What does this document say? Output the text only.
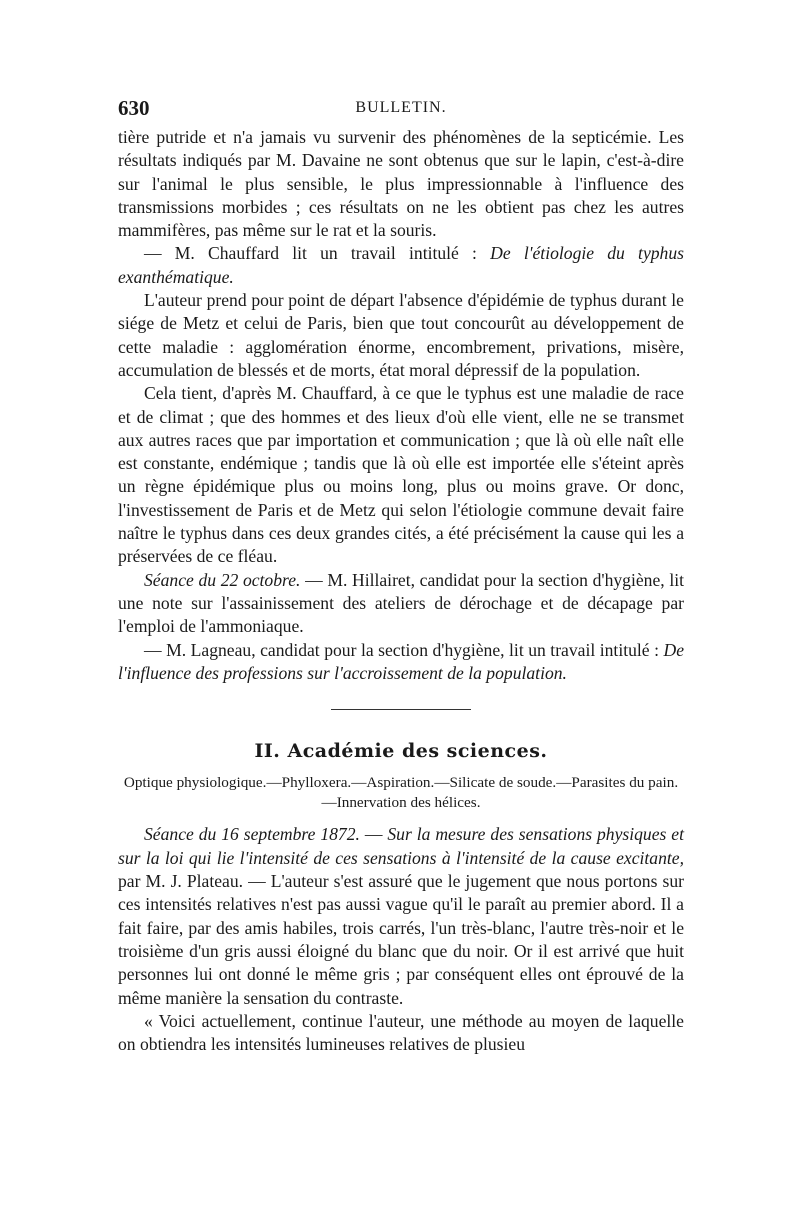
630	BULLETIN.

tière putride et n'a jamais vu survenir des phénomènes de la septicémie. Les résultats indiqués par M. Davaine ne sont obtenus que sur le lapin, c'est-à-dire sur l'animal le plus sensible, le plus impressionnable à l'influence des transmissions morbides ; ces résultats on ne les obtient pas chez les autres mammifères, pas même sur le rat et la souris.

— M. Chauffard lit un travail intitulé : De l'étiologie du typhus exanthématique.

L'auteur prend pour point de départ l'absence d'épidémie de typhus durant le siége de Metz et celui de Paris, bien que tout concourût au développement de cette maladie : agglomération énorme, encombrement, privations, misère, accumulation de blessés et de morts, état moral dépressif de la population.

Cela tient, d'après M. Chauffard, à ce que le typhus est une maladie de race et de climat ; que des hommes et des lieux d'où elle vient, elle ne se transmet aux autres races que par importation et communication ; que là où elle naît elle est constante, endémique ; tandis que là où elle est importée elle s'éteint après un règne épidémique plus ou moins long, plus ou moins grave. Or donc, l'investissement de Paris et de Metz qui selon l'étiologie commune devait faire naître le typhus dans ces deux grandes cités, a été précisément la cause qui les a préservées de ce fléau.

Séance du 22 octobre. — M. Hillairet, candidat pour la section d'hygiène, lit une note sur l'assainissement des ateliers de dérochage et de décapage par l'emploi de l'ammoniaque.

— M. Lagneau, candidat pour la section d'hygiène, lit un travail intitulé : De l'influence des professions sur l'accroissement de la population.

II. Académie des sciences.

Optique physiologique.—Phylloxera.—Aspiration.—Silicate de soude.—Parasites du pain.—Innervation des hélices.

Séance du 16 septembre 1872. — Sur la mesure des sensations physiques et sur la loi qui lie l'intensité de ces sensations à l'intensité de la cause excitante, par M. J. Plateau. — L'auteur s'est assuré que le jugement que nous portons sur ces intensités relatives n'est pas aussi vague qu'il le paraît au premier abord. Il a fait faire, par des amis habiles, trois carrés, l'un très-blanc, l'autre très-noir et le troisième d'un gris aussi éloigné du blanc que du noir. Or il est arrivé que huit personnes lui ont donné le même gris ; par conséquent elles ont éprouvé de la même manière la sensation du contraste.

« Voici actuellement, continue l'auteur, une méthode au moyen de laquelle on obtiendra les intensités lumineuses relatives de plusieu
